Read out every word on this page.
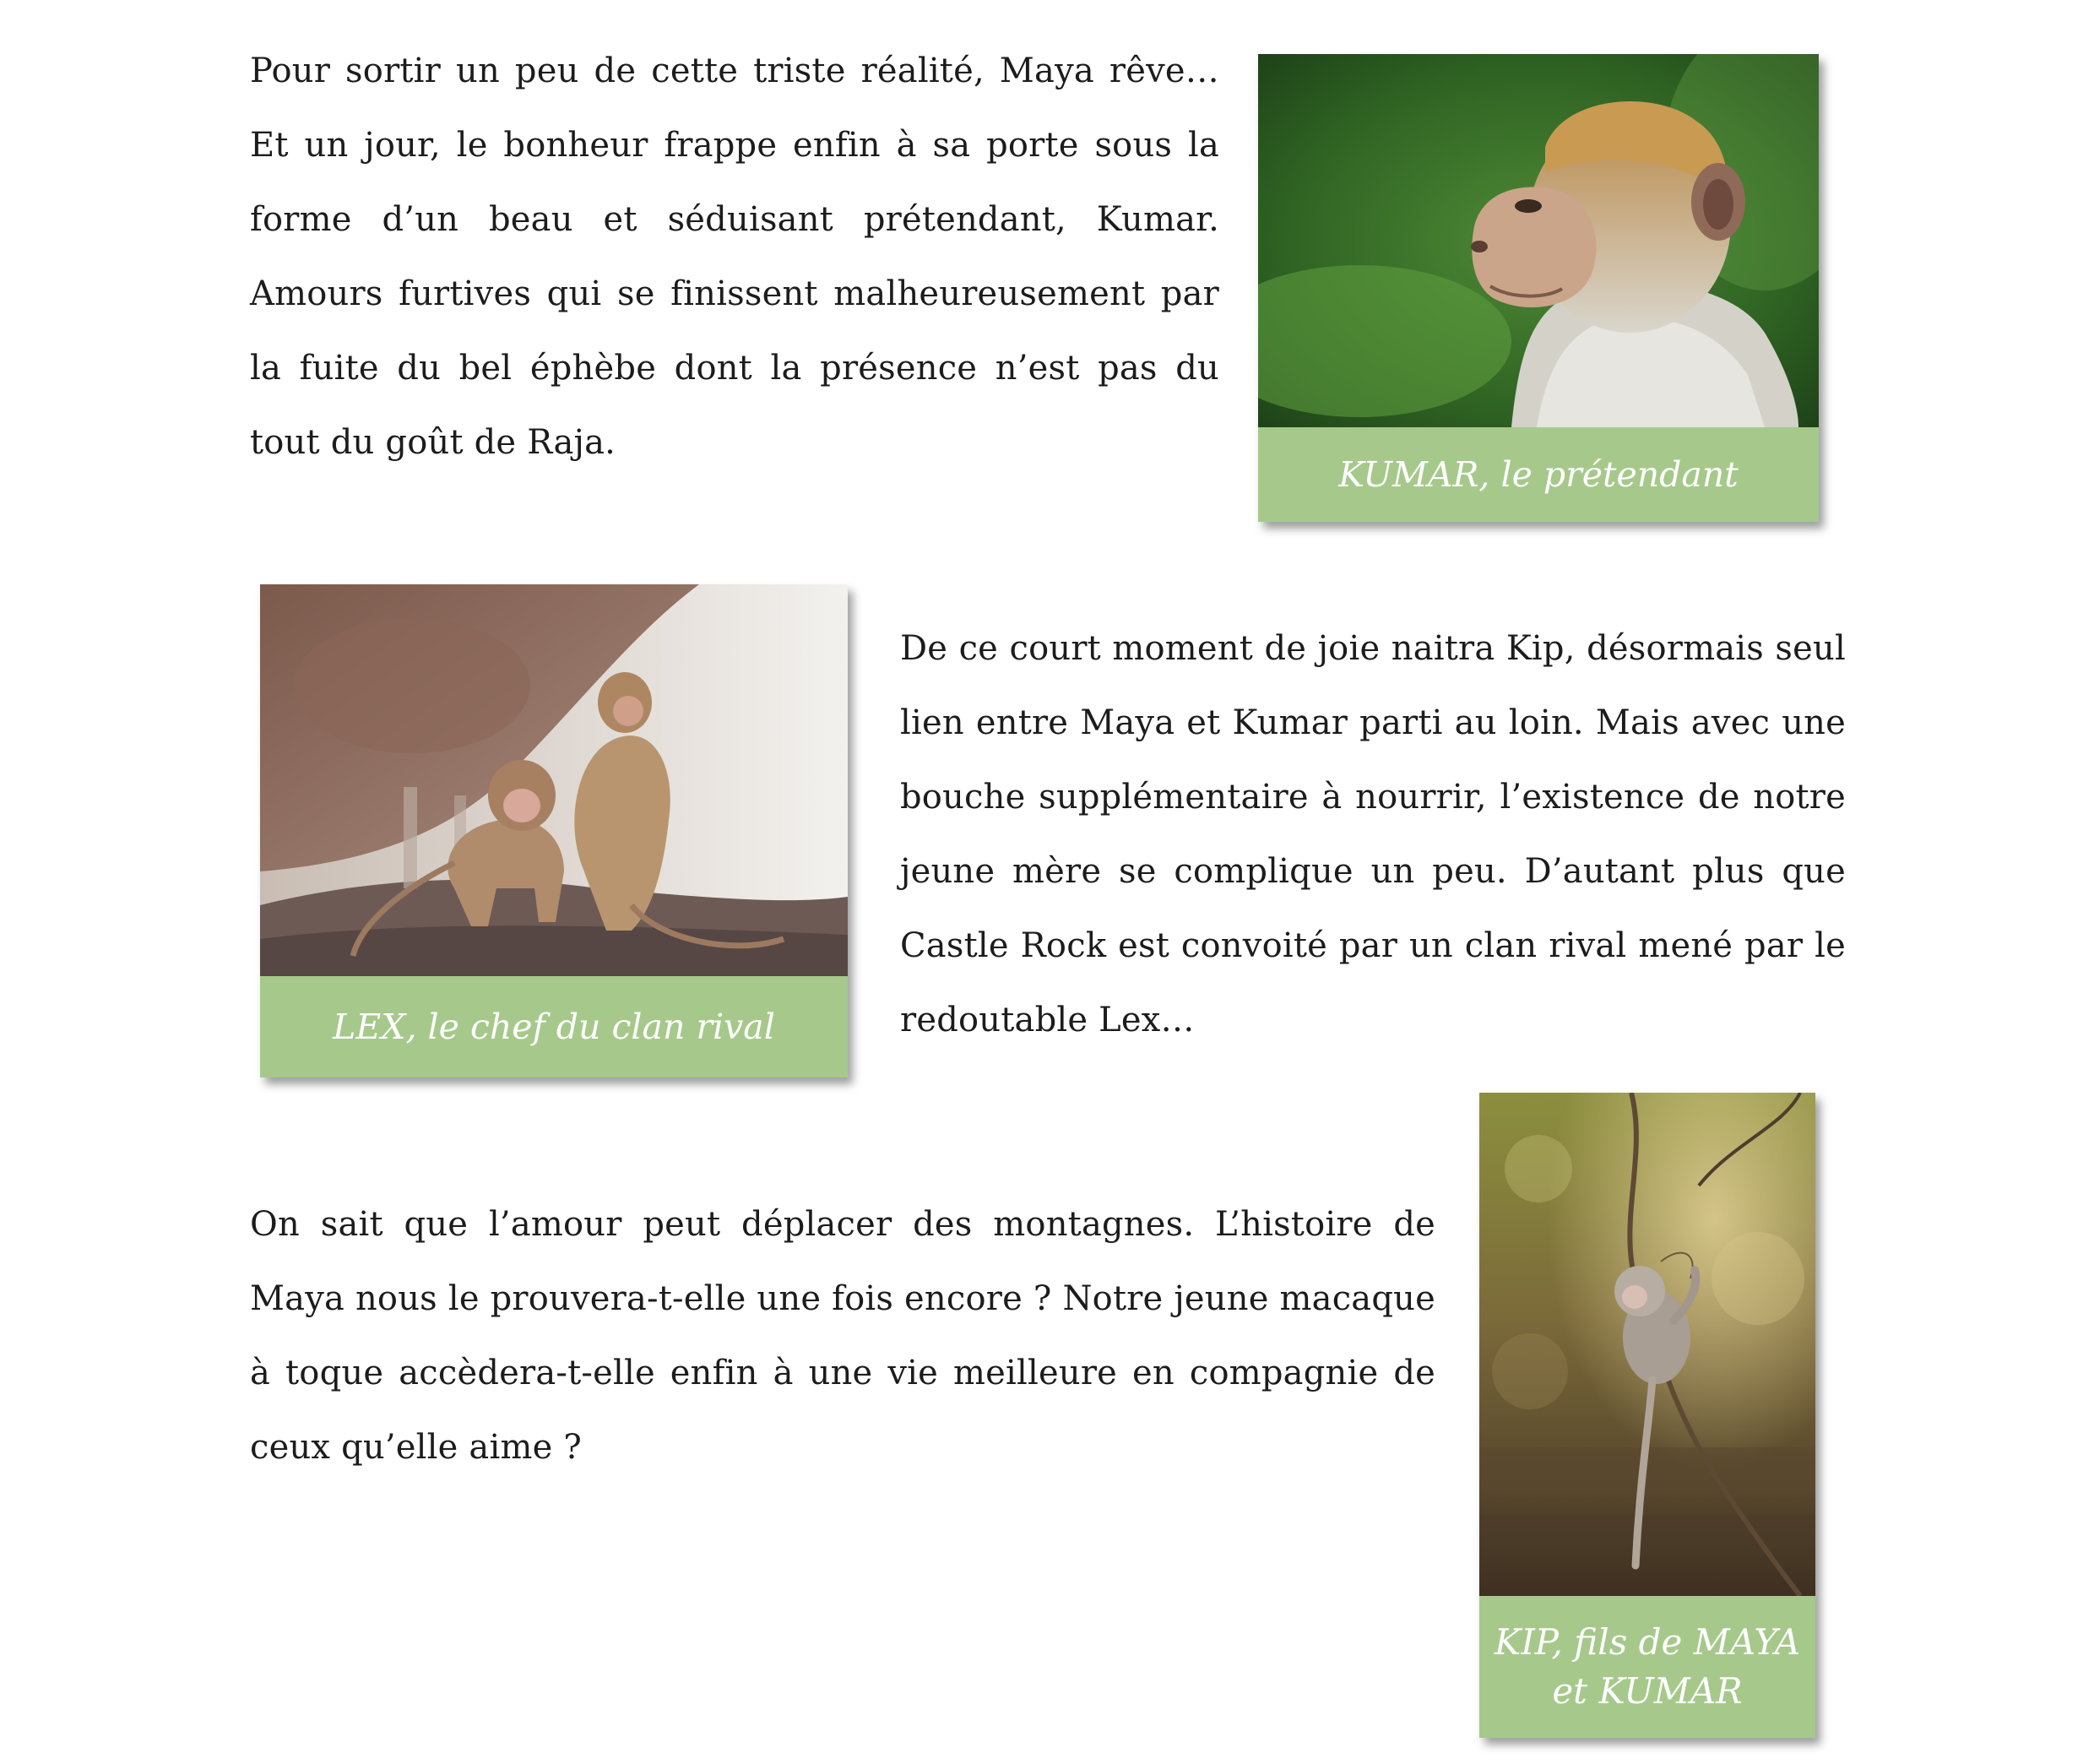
Pour sortir un peu de cette triste réalité, Maya rêve… Et un jour, le bonheur frappe enfin à sa porte sous la forme d’un beau et séduisant prétendant, Kumar. Amours furtives qui se finissent malheureusement par la fuite du bel éphèbe dont la présence n’est pas du tout du goût de Raja.

KUMAR, le prétendant
LEX, le chef du clan rival

De ce court moment de joie naitra Kip, désormais seul lien entre Maya et Kumar parti au loin. Mais avec une bouche supplémentaire à nourrir, l’existence de notre jeune mère se complique un peu. D’autant plus que Castle Rock est convoité par un clan rival mené par le redoutable Lex…

On sait que l’amour peut déplacer des montagnes. L’histoire de Maya nous le prouvera-t-elle une fois encore ? Notre jeune macaque à toque accèdera-t-elle enfin à une vie meilleure en compagnie de ceux qu’elle aime ?

KIP, fils de MAYA
et KUMAR
